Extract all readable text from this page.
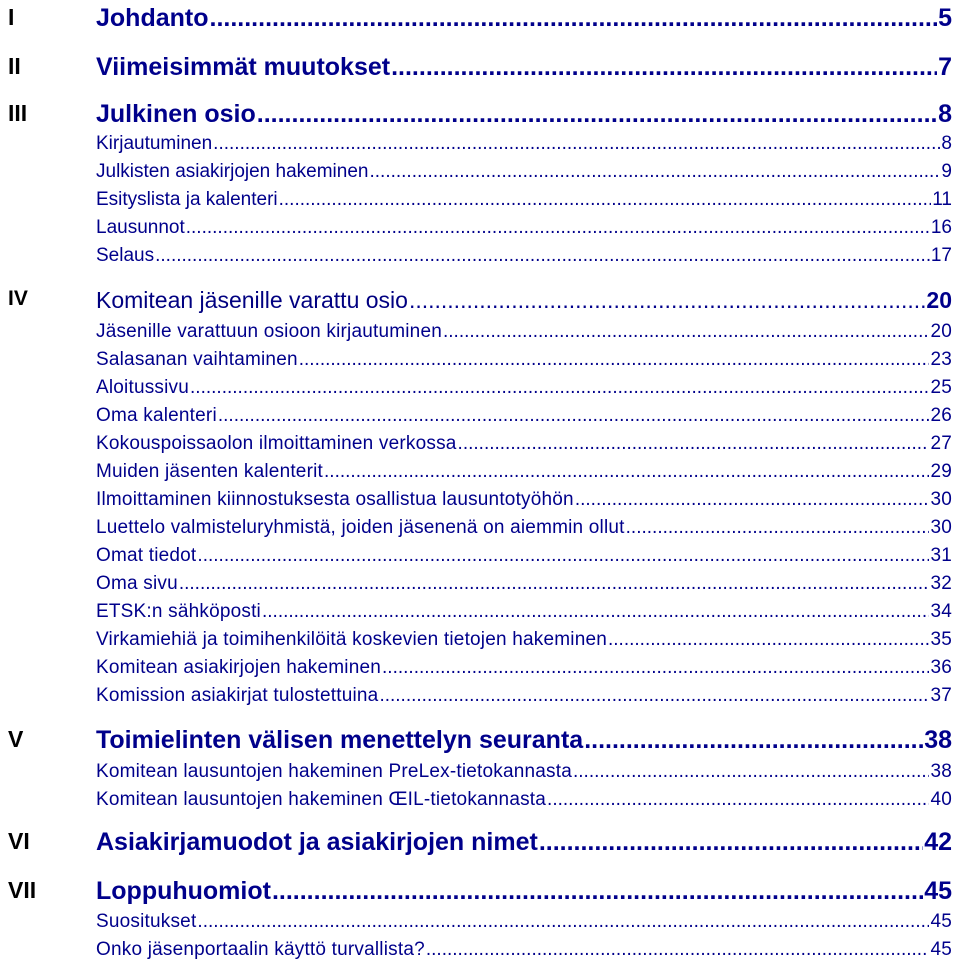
I	Johdanto .....	5
II	Viimeisimmät muutokset .....	7
III	Julkinen osio .....	8
Kirjautuminen .....	8
Julkisten asiakirjojen hakeminen .....	9
Esityslista ja kalenteri .....	11
Lausunnot .....	16
Selaus .....	17
IV	Komitean jäsenille varattu osio .....	20
Jäsenille varattuun osioon kirjautuminen .....	20
Salasanan vaihtaminen .....	23
Aloitussivu .....	25
Oma kalenteri .....	26
Kokouspoissaolon ilmoittaminen verkossa .....	27
Muiden jäsenten kalenterit .....	29
Ilmoittaminen kiinnostuksesta osallistua lausuntotyöhön .....	30
Luettelo valmisteluryhmistä, joiden jäsenenä on aiemmin ollut .....	30
Omat tiedot .....	31
Oma sivu .....	32
ETSK:n sähköposti .....	34
Virkamiehiä ja toimihenkilöitä koskevien tietojen hakeminen .....	35
Komitean asiakirjojen hakeminen .....	36
Komission asiakirjat tulostettuina .....	37
V	Toimielinten välisen menettelyn seuranta .....	38
Komitean lausuntojen hakeminen PreLex-tietokannasta .....	38
Komitean lausuntojen hakeminen ŒIL-tietokannasta .....	40
VI	Asiakirjamuodot ja asiakirjojen nimet .....	42
VII Loppuhuomiot .....	45
Suositukset .....	45
Onko jäsenportaalin käyttö turvallista? .....	45
